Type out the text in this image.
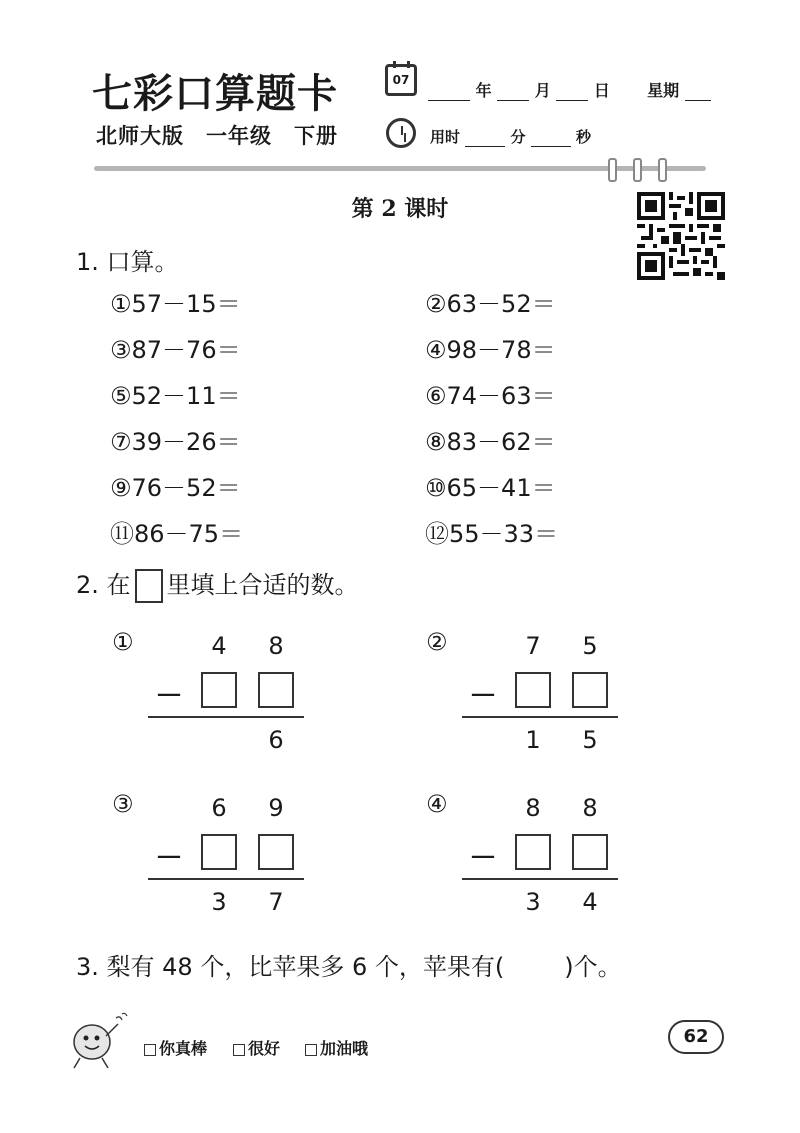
七彩口算题卡	07
年	月	日 星期
北师大版　一年级　下册	用时	分	秒
第 2 课时
1. 口算。
①57－15＝	②63－52＝
③87－76＝	④98－78＝
⑤52－11＝	⑥74－63＝
⑦39－26＝	⑧83－62＝
⑨76－52＝	⑩65－41＝
⑪86－75＝	⑫55－33＝
2. 在 里填上合适的数。
①	4 8
－
6
②	7 5
－
1 5
③	6 9
－
3 7
④	8 8
－
3 4
3. 梨有 48 个，比苹果多 6 个，苹果有(	)个。
你真棒	很好	加油哦
62
